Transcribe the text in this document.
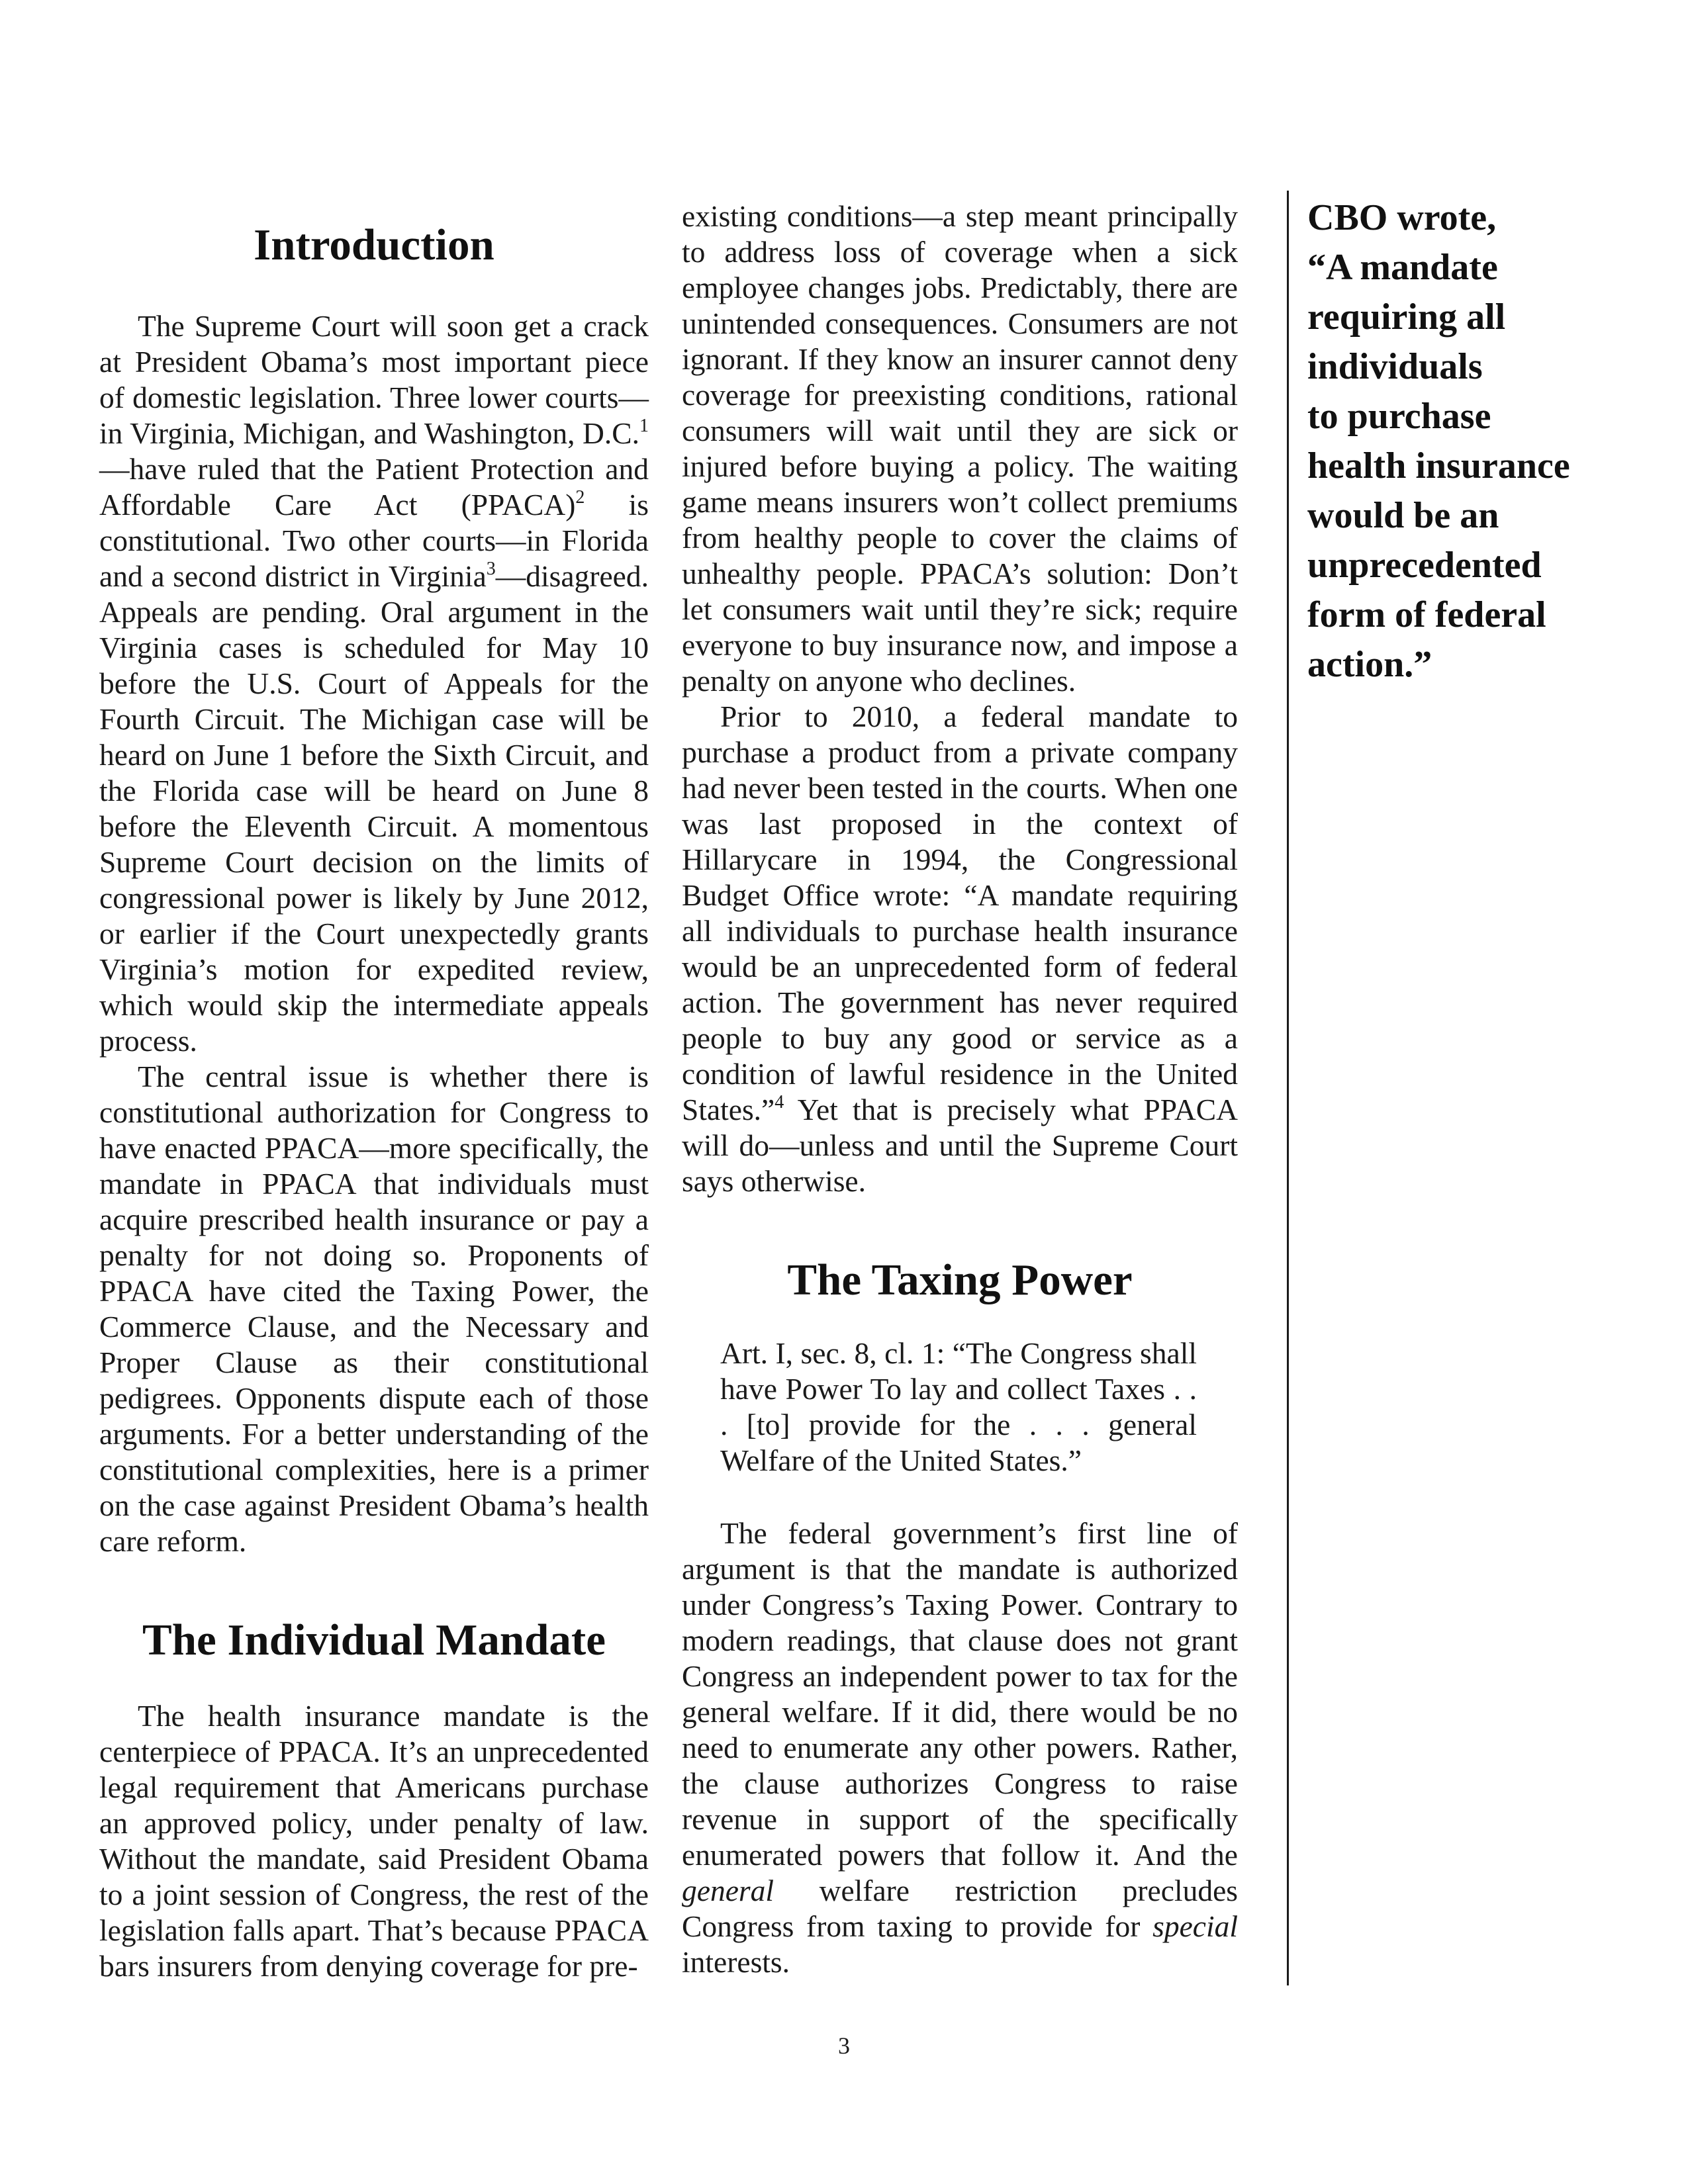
Introduction

The Supreme Court will soon get a crack at President Obama’s most important piece of domestic legislation. Three lower courts—in Virginia, Michigan, and Washington, D.C.$^1$—have ruled that the Patient Protection and Affordable Care Act (PPACA)$^2$ is constitutional. Two other courts—in Florida and a second district in Virginia$^3$—disagreed. Appeals are pending. Oral argument in the Virginia cases is scheduled for May 10 before the U.S. Court of Appeals for the Fourth Circuit. The Michigan case will be heard on June 1 before the Sixth Circuit, and the Florida case will be heard on June 8 before the Eleventh Circuit. A momentous Supreme Court decision on the limits of congressional power is likely by June 2012, or earlier if the Court unexpectedly grants Virginia’s motion for expedited review, which would skip the intermediate appeals process.

The central issue is whether there is constitutional authorization for Congress to have enacted PPACA—more specifically, the mandate in PPACA that individuals must acquire prescribed health insurance or pay a penalty for not doing so. Proponents of PPACA have cited the Taxing Power, the Commerce Clause, and the Necessary and Proper Clause as their constitutional pedigrees. Opponents dispute each of those arguments. For a better understanding of the constitutional complexities, here is a primer on the case against President Obama’s health care reform.

The Individual Mandate

The health insurance mandate is the centerpiece of PPACA. It’s an unprecedented legal requirement that Americans purchase an approved policy, under penalty of law. Without the mandate, said President Obama to a joint session of Congress, the rest of the legislation falls apart. That’s because PPACA bars insurers from denying coverage for pre-

existing conditions—a step meant principally to address loss of coverage when a sick employee changes jobs. Predictably, there are unintended consequences. Consumers are not ignorant. If they know an insurer cannot deny coverage for preexisting conditions, rational consumers will wait until they are sick or injured before buying a policy. The waiting game means insurers won’t collect premiums from healthy people to cover the claims of unhealthy people. PPACA’s solution: Don’t let consumers wait until they’re sick; require everyone to buy insurance now, and impose a penalty on anyone who declines.

Prior to 2010, a federal mandate to purchase a product from a private company had never been tested in the courts. When one was last proposed in the context of Hillarycare in 1994, the Congressional Budget Office wrote: “A mandate requiring all individuals to purchase health insurance would be an unprecedented form of federal action. The government has never required people to buy any good or service as a condition of lawful residence in the United States.”$^4$ Yet that is precisely what PPACA will do—unless and until the Supreme Court says otherwise.

The Taxing Power
Art. I, sec. 8, cl. 1: “The Congress shall have Power To lay and collect Taxes . . . [to] provide for the . . . general Welfare of the United States.”

The federal government’s first line of argument is that the mandate is authorized under Congress’s Taxing Power. Contrary to modern readings, that clause does not grant Congress an independent power to tax for the general welfare. If it did, there would be no need to enumerate any other powers. Rather, the clause authorizes Congress to raise revenue in support of the specifically enumerated powers that follow it. And the general welfare restriction precludes Congress from taxing to provide for special interests.

CBO wrote,
“A mandate
requiring all
individuals
to purchase
health insurance
would be an
unprecedented
form of federal
action.”
3
